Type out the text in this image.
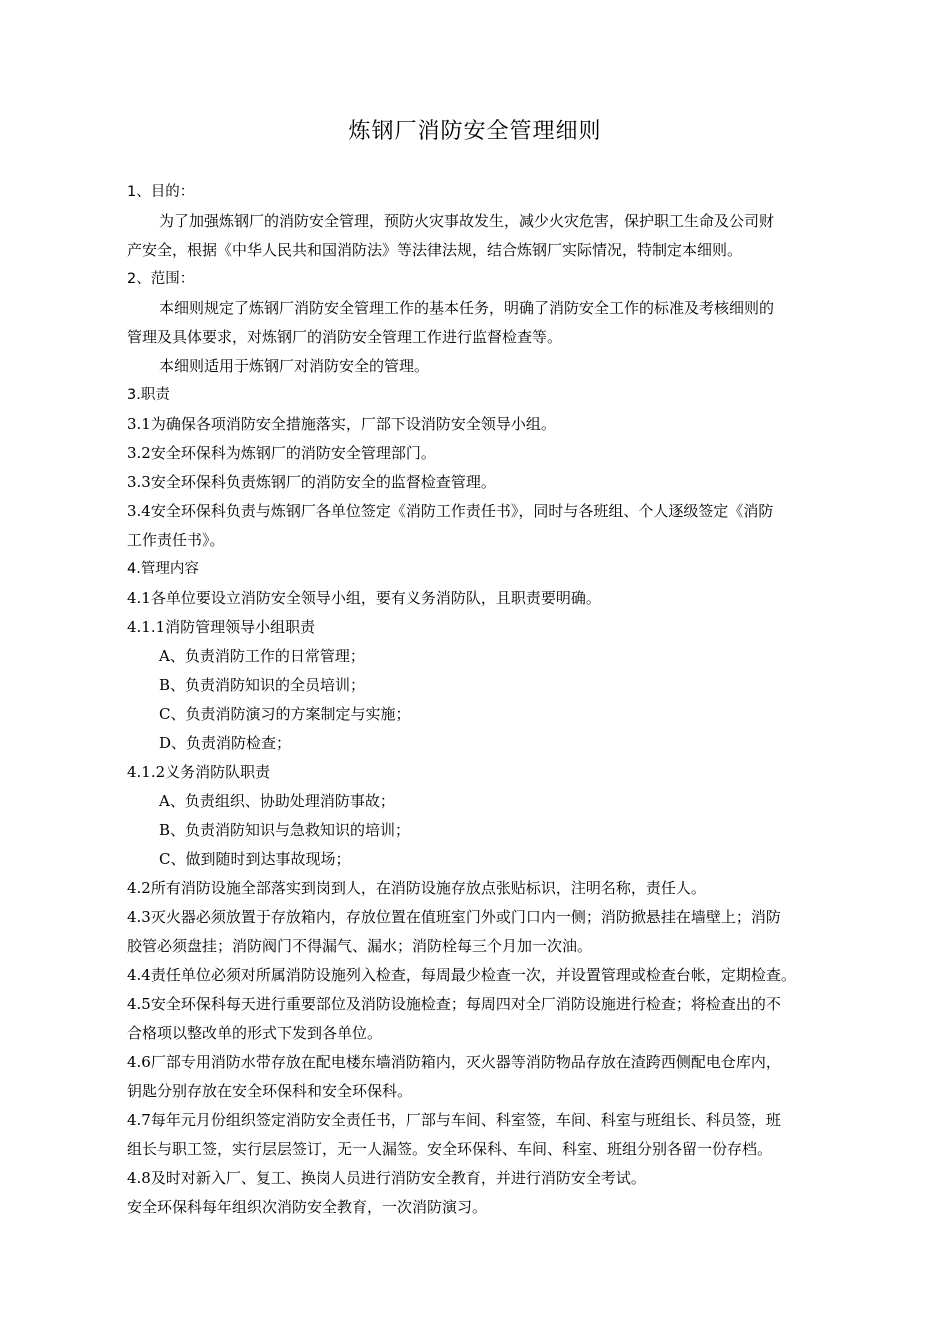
炼钢厂消防安全管理细则
1、目的：
为了加强炼钢厂的消防安全管理，预防火灾事故发生，减少火灾危害，保护职工生命及公司财
产安全，根据《中华人民共和国消防法》等法律法规，结合炼钢厂实际情况，特制定本细则。
2、范围：
本细则规定了炼钢厂消防安全管理工作的基本任务，明确了消防安全工作的标准及考核细则的
管理及具体要求，对炼钢厂的消防安全管理工作进行监督检查等。
本细则适用于炼钢厂对消防安全的管理。
3.职责
3.1为确保各项消防安全措施落实，厂部下设消防安全领导小组。
3.2安全环保科为炼钢厂的消防安全管理部门。
3.3安全环保科负责炼钢厂的消防安全的监督检查管理。
3.4安全环保科负责与炼钢厂各单位签定《消防工作责任书》，同时与各班组、个人逐级签定《消防
工作责任书》。
4.管理内容
4.1各单位要设立消防安全领导小组，要有义务消防队，且职责要明确。
4.1.1消防管理领导小组职责
A、负责消防工作的日常管理；
B、负责消防知识的全员培训；
C、负责消防演习的方案制定与实施；
D、负责消防检查；
4.1.2义务消防队职责
A、负责组织、协助处理消防事故；
B、负责消防知识与急救知识的培训；
C、做到随时到达事故现场；
4.2所有消防设施全部落实到岗到人，在消防设施存放点张贴标识，注明名称，责任人。
4.3灭火器必须放置于存放箱内，存放位置在值班室门外或门口内一侧；消防掀悬挂在墙壁上；消防
胶管必须盘挂；消防阀门不得漏气、漏水；消防栓每三个月加一次油。
4.4责任单位必须对所属消防设施列入检查，每周最少检查一次，并设置管理或检查台帐，定期检查。
4.5安全环保科每天进行重要部位及消防设施检查；每周四对全厂消防设施进行检查；将检查出的不
合格项以整改单的形式下发到各单位。
4.6厂部专用消防水带存放在配电楼东墙消防箱内，灭火器等消防物品存放在渣跨西侧配电仓库内，
钥匙分别存放在安全环保科和安全环保科。
4.7每年元月份组织签定消防安全责任书，厂部与车间、科室签，车间、科室与班组长、科员签，班
组长与职工签，实行层层签订，无一人漏签。安全环保科、车间、科室、班组分别各留一份存档。
4.8及时对新入厂、复工、换岗人员进行消防安全教育，并进行消防安全考试。
安全环保科每年组织次消防安全教育，一次消防演习。
